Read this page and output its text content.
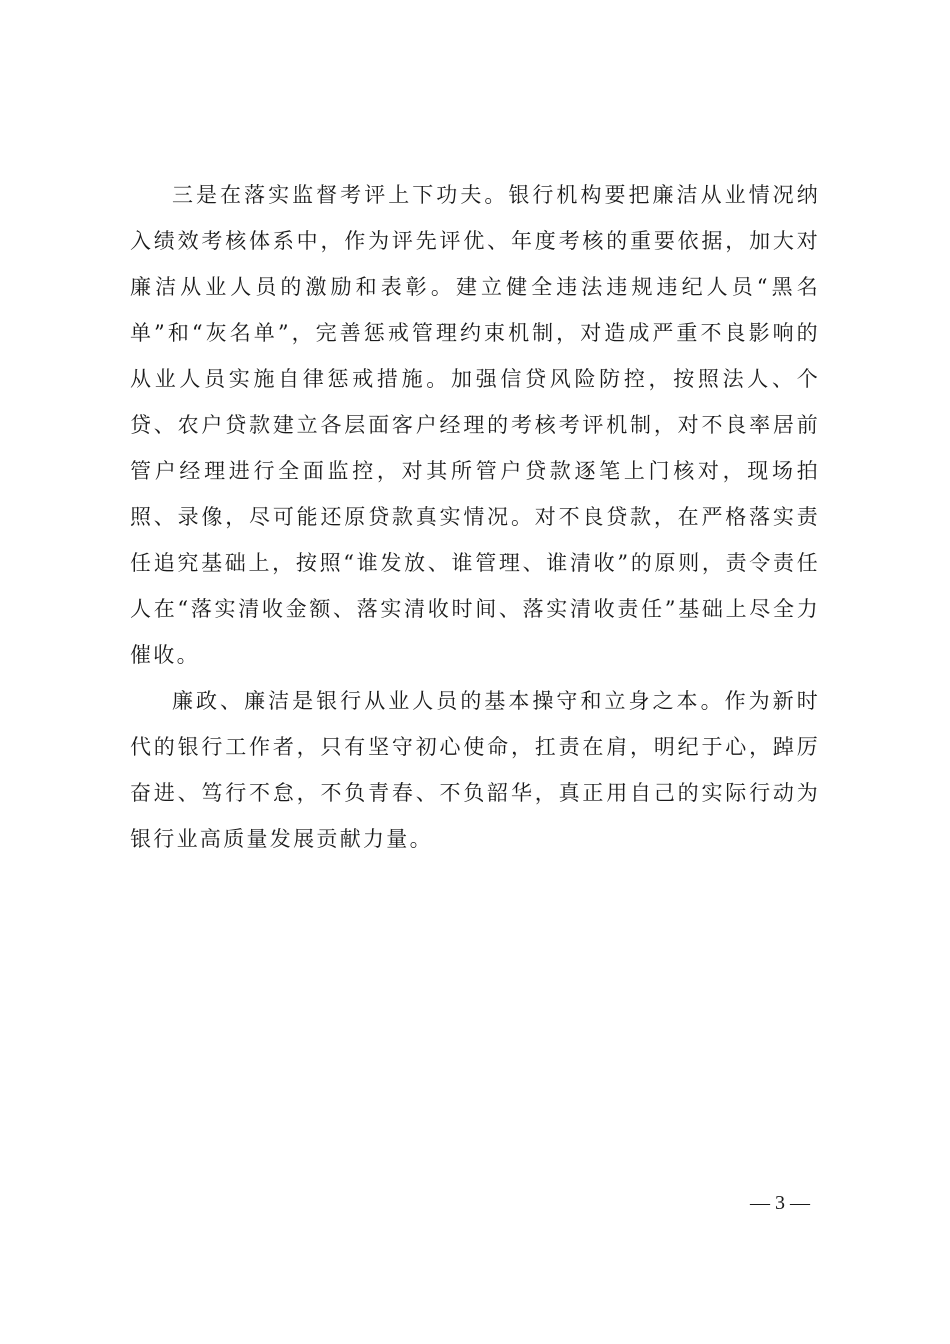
三是在落实监督考评上下功夫。银行机构要把廉洁从业情况纳入绩效考核体系中，作为评先评优、年度考核的重要依据，加大对廉洁从业人员的激励和表彰。建立健全违法违规违纪人员“黑名单”和“灰名单”，完善惩戒管理约束机制，对造成严重不良影响的从业人员实施自律惩戒措施。加强信贷风险防控，按照法人、个贷、农户贷款建立各层面客户经理的考核考评机制，对不良率居前管户经理进行全面监控，对其所管户贷款逐笔上门核对，现场拍照、录像，尽可能还原贷款真实情况。对不良贷款，在严格落实责任追究基础上，按照“谁发放、谁管理、谁清收”的原则，责令责任人在“落实清收金额、落实清收时间、落实清收责任”基础上尽全力催收。

廉政、廉洁是银行从业人员的基本操守和立身之本。作为新时代的银行工作者，只有坚守初心使命，扛责在肩，明纪于心，踔厉奋进、笃行不怠，不负青春、不负韶华，真正用自己的实际行动为银行业高质量发展贡献力量。

— 3 —
